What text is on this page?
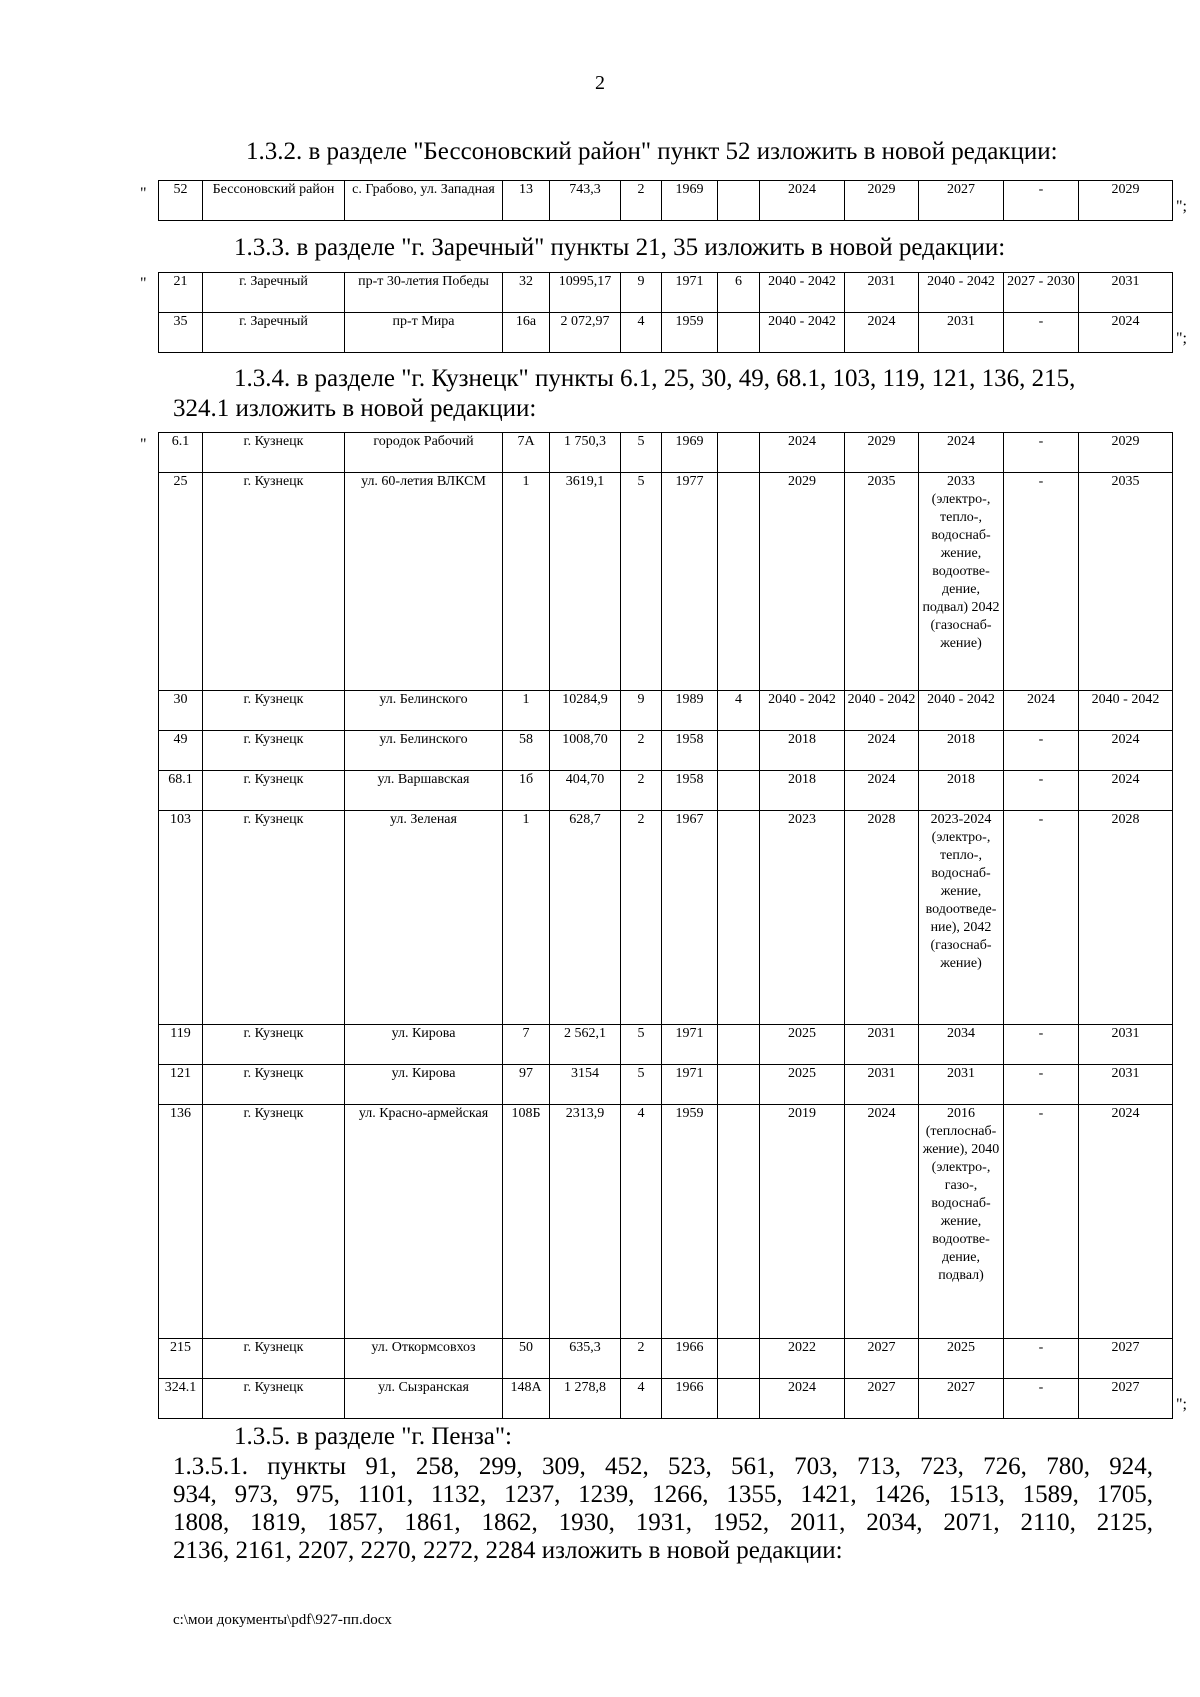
2
1.3.2. в разделе "Бессоновский район" пункт 52 изложить в новой редакции:
" 52	Бессоновский район	с. Грабово, ул. Западная	13	743,3	2	1969		2024	2029	2027	-	2029
";
1.3.3. в разделе "г. Заречный" пункты 21, 35 изложить в новой редакции:
" 21	г. Заречный	пр-т 30-летия Победы	32	10995,17	9	1971	6	2040 - 2042	2031	2040 - 2042	2027 - 2030	2031
35	г. Заречный	пр-т Мира	16а	2 072,97	4	1959		2040 - 2042	2024	2031	-	2024
";
1.3.4. в разделе "г. Кузнецк" пункты 6.1, 25, 30, 49, 68.1, 103, 119, 121, 136, 215,
324.1 изложить в новой редакции:
" 6.1	г. Кузнецк	городок Рабочий	7А	1 750,3	5	1969		2024	2029	2024	-	2029
25	г. Кузнецк	ул. 60-летия ВЛКСМ	1	3619,1	5	1977		2029	2035	2033 (электро-, тепло-, водоснаб-жение, водоотве-дение, подвал) 2042 (газоснаб-жение)	-	2035
30	г. Кузнецк	ул. Белинского	1	10284,9	9	1989	4	2040 - 2042	2040 - 2042	2040 - 2042	2024	2040 - 2042
49	г. Кузнецк	ул. Белинского	58	1008,70	2	1958		2018	2024	2018	-	2024
68.1	г. Кузнецк	ул. Варшавская	1б	404,70	2	1958		2018	2024	2018	-	2024
103	г. Кузнецк	ул. Зеленая	1	628,7	2	1967		2023	2028	2023-2024 (электро-, тепло-, водоснаб-жение, водоотведе-ние), 2042 (газоснаб-жение)	-	2028
119	г. Кузнецк	ул. Кирова	7	2 562,1	5	1971		2025	2031	2034	-	2031
121	г. Кузнецк	ул. Кирова	97	3154	5	1971		2025	2031	2031	-	2031
136	г. Кузнецк	ул. Красно-армейская	108Б	2313,9	4	1959		2019	2024	2016 (теплоснаб-жение), 2040 (электро-, газо-, водоснаб-жение, водоотве-дение, подвал)	-	2024
215	г. Кузнецк	ул. Откормсовхоз	50	635,3	2	1966		2022	2027	2025	-	2027
324.1	г. Кузнецк	ул. Сызранская	148А	1 278,8	4	1966		2024	2027	2027	-	2027
";
1.3.5. в разделе "г. Пенза":
1.3.5.1. пункты 91, 258, 299, 309, 452, 523, 561, 703, 713, 723, 726, 780, 924,
934, 973, 975, 1101, 1132, 1237, 1239, 1266, 1355, 1421, 1426, 1513, 1589, 1705,
1808, 1819, 1857, 1861, 1862, 1930, 1931, 1952, 2011, 2034, 2071, 2110, 2125,
2136, 2161, 2207, 2270, 2272, 2284 изложить в новой редакции:
c:\мои документы\pdf\927-пп.docx
